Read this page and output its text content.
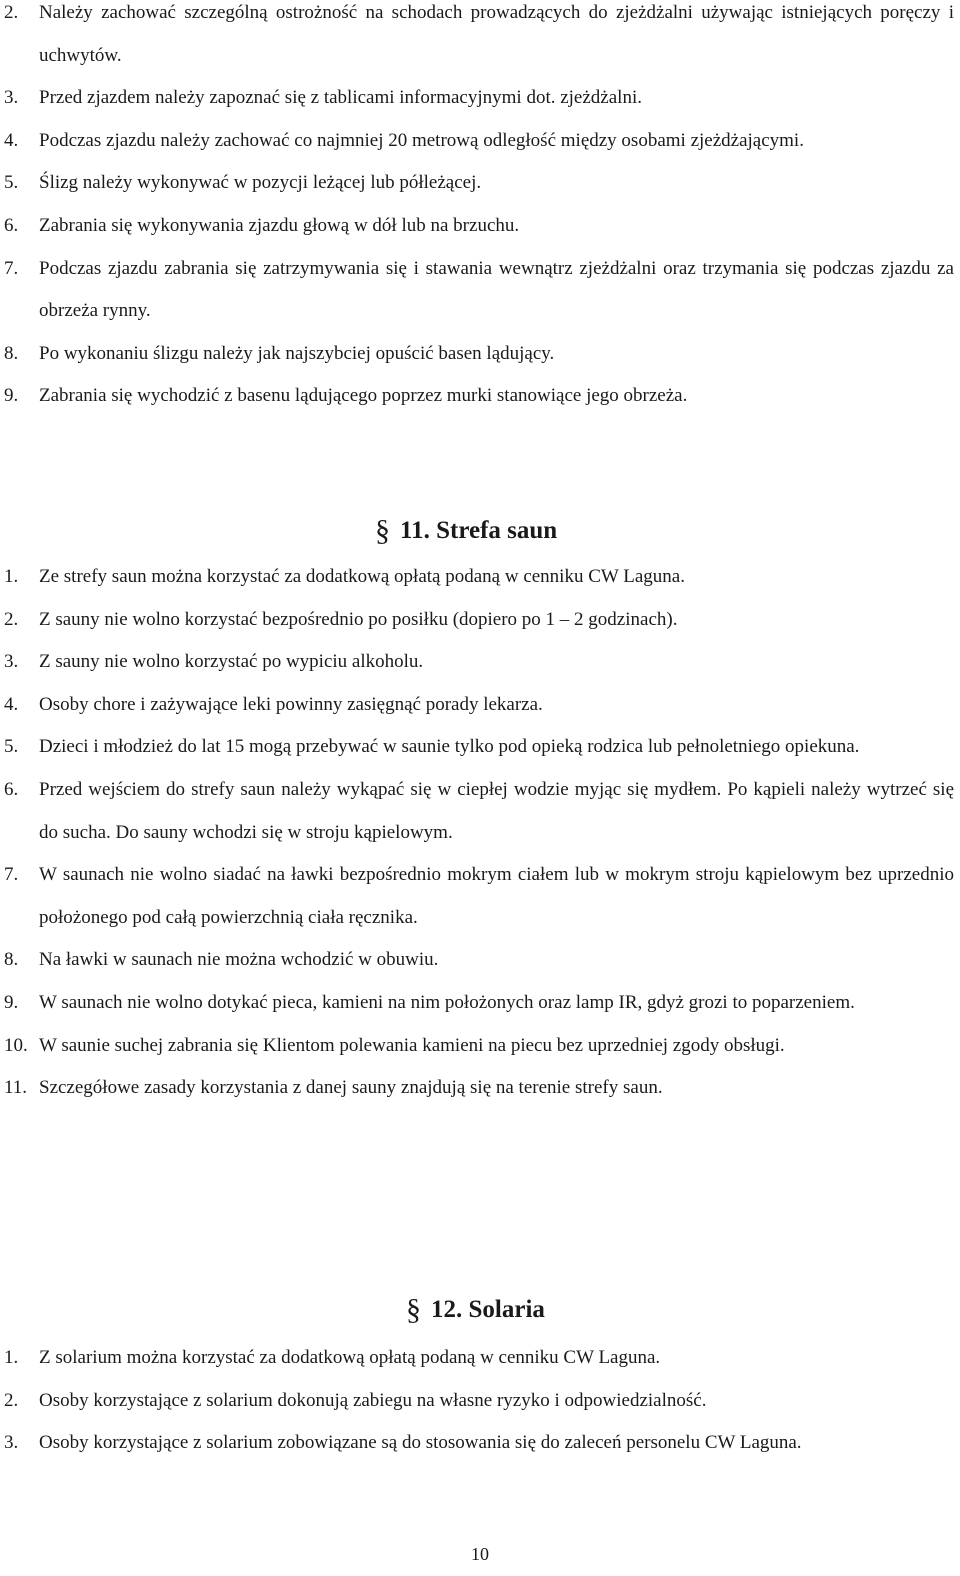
2. Należy zachować szczególną ostrożność na schodach prowadzących do zjeżdżalni używając istniejących poręczy i uchwytów.
3. Przed zjazdem należy zapoznać się z tablicami informacyjnymi dot. zjeżdżalni.
4. Podczas zjazdu należy zachować co najmniej 20 metrową odległość między osobami zjeżdżającymi.
5. Ślizg należy wykonywać w pozycji leżącej lub półleżącej.
6. Zabrania się wykonywania zjazdu głową w dół lub na brzuchu.
7. Podczas zjazdu zabrania się zatrzymywania się i stawania wewnątrz zjeżdżalni oraz trzymania się podczas zjazdu za obrzeża rynny.
8. Po wykonaniu ślizgu należy jak najszybciej opuścić basen lądujący.
9. Zabrania się wychodzić z basenu lądującego poprzez murki stanowiące jego obrzeża.
§ 11. Strefa saun
1. Ze strefy saun można korzystać za dodatkową opłatą podaną w cenniku CW Laguna.
2. Z sauny nie wolno korzystać bezpośrednio po posiłku (dopiero po 1 – 2 godzinach).
3. Z sauny nie wolno korzystać po wypiciu alkoholu.
4. Osoby chore i zażywające leki powinny zasięgnąć porady lekarza.
5. Dzieci i młodzież do lat 15 mogą przebywać w saunie tylko pod opieką rodzica lub pełnoletniego opiekuna.
6. Przed wejściem do strefy saun należy wykąpać się w ciepłej wodzie myjąc się mydłem. Po kąpieli należy wytrzeć się do sucha. Do sauny wchodzi się w stroju kąpielowym.
7. W saunach nie wolno siadać na ławki bezpośrednio mokrym ciałem lub w mokrym stroju kąpielowym bez uprzednio położonego pod całą powierzchnią ciała ręcznika.
8. Na ławki w saunach nie można wchodzić w obuwiu.
9. W saunach nie wolno dotykać pieca, kamieni na nim położonych oraz lamp IR, gdyż grozi to poparzeniem.
10. W saunie suchej zabrania się Klientom polewania kamieni na piecu bez uprzedniej zgody obsługi.
11. Szczegółowe zasady korzystania z danej sauny znajdują się na terenie strefy saun.
§ 12. Solaria
1. Z solarium można korzystać za dodatkową opłatą podaną w cenniku CW Laguna.
2. Osoby korzystające z solarium dokonują zabiegu na własne ryzyko i odpowiedzialność.
3. Osoby korzystające z solarium zobowiązane są do stosowania się do zaleceń personelu CW Laguna.
10
